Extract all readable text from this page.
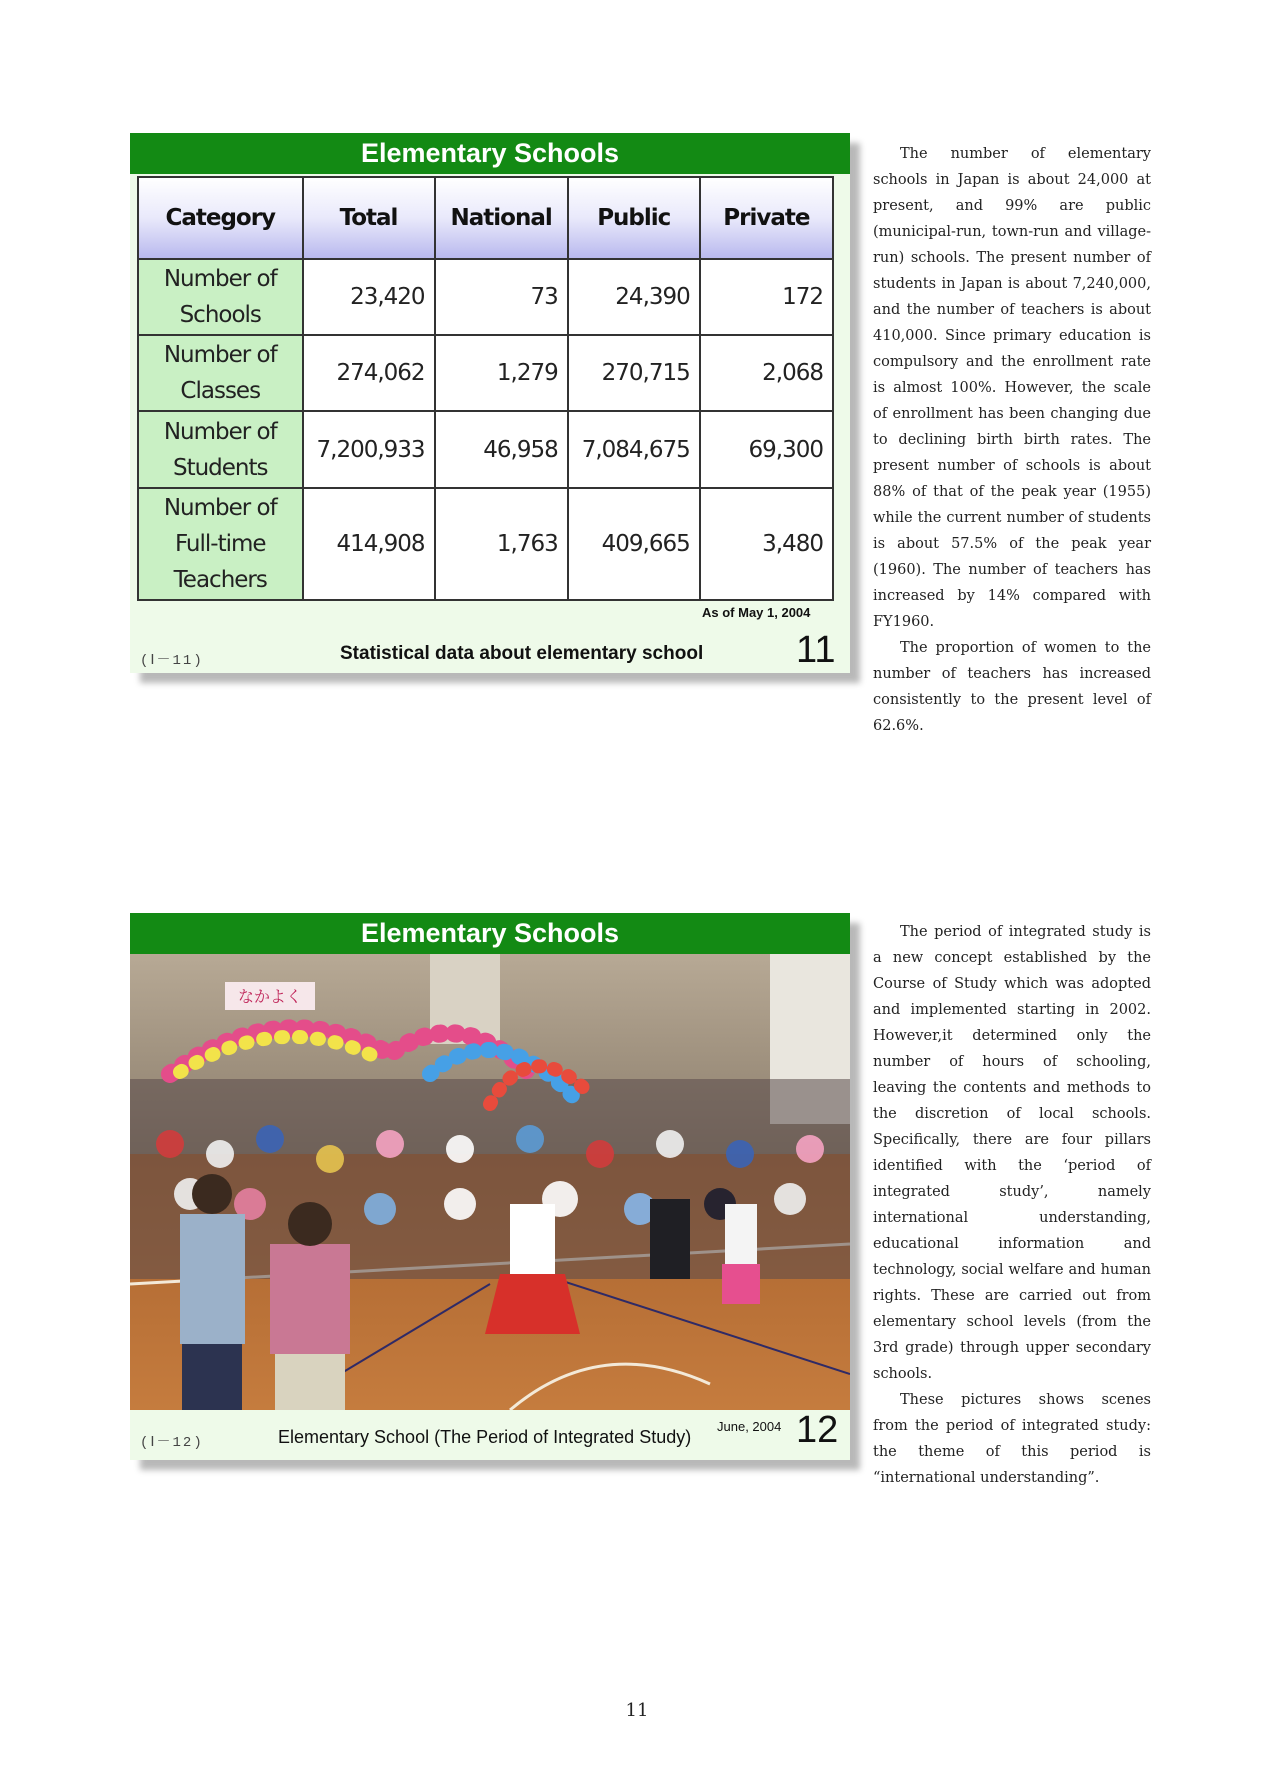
Elementary Schools
Category	Total	National	Public	Private
Number of Schools	23,420	73	24,390	172
Number of Classes	274,062	1,279	270,715	2,068
Number of Students	7,200,933	46,958	7,084,675	69,300
Number of Full-time Teachers	414,908	1,763	409,665	3,480
As of May 1, 2004
(Ⅰ－11)	Statistical data about elementary school 11

The number of elementary schools in Japan is about 24,000 at present, and 99% are public (municipal-run, town-run and village-run) schools. The present number of students in Japan is about 7,240,000, and the number of teachers is about 410,000. Since primary education is compulsory and the enrollment rate is almost 100%. However, the scale of enrollment has been changing due to declining birth birth rates. The present number of schools is about 88% of that of the peak year (1955) while the current number of students is about 57.5% of the peak year (1960). The number of teachers has increased by 14% compared with FY1960.

The proportion of women to the number of teachers has increased consistently to the present level of 62.6%.

Elementary Schools
なかよく
(Ⅰ－12)	Elementary School (The Period of Integrated Study)
June, 2004 12

The period of integrated study is a new concept established by the Course of Study which was adopted and implemented starting in 2002. However,it determined only the number of hours of schooling, leaving the contents and methods to the discretion of local schools. Specifically, there are four pillars identified with the ‘period of integrated study’, namely international understanding, educational information and technology, social welfare and human rights. These are carried out from elementary school levels (from the 3rd grade) through upper secondary schools.

These pictures shows scenes from the period of integrated study: the theme of this period is “international understanding”.

11
